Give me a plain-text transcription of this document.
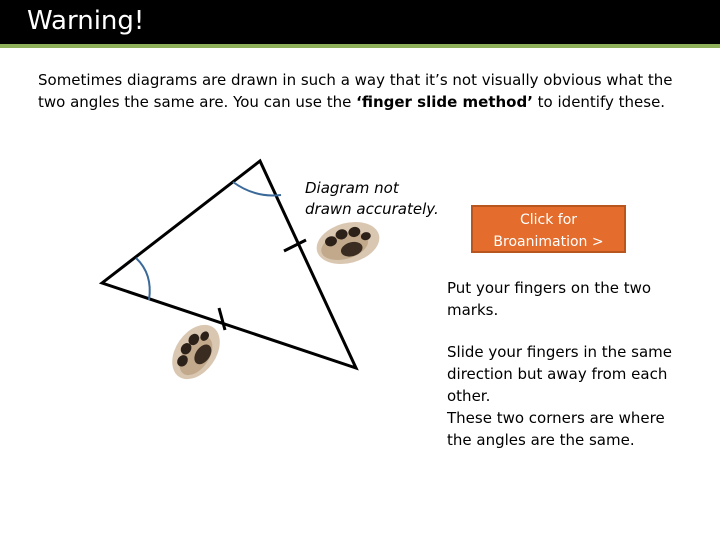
Warning!
Sometimes diagrams are drawn in such a way that it’s not visually obvious what the two angles the same are. You can use the ‘finger slide method’ to identify these.
Diagram not
drawn accurately.
Click for
Broanimation >
Put your fingers on the two
marks.
Slide your fingers in the same
direction but away from each
other.
These two corners are where
the angles are the same.
